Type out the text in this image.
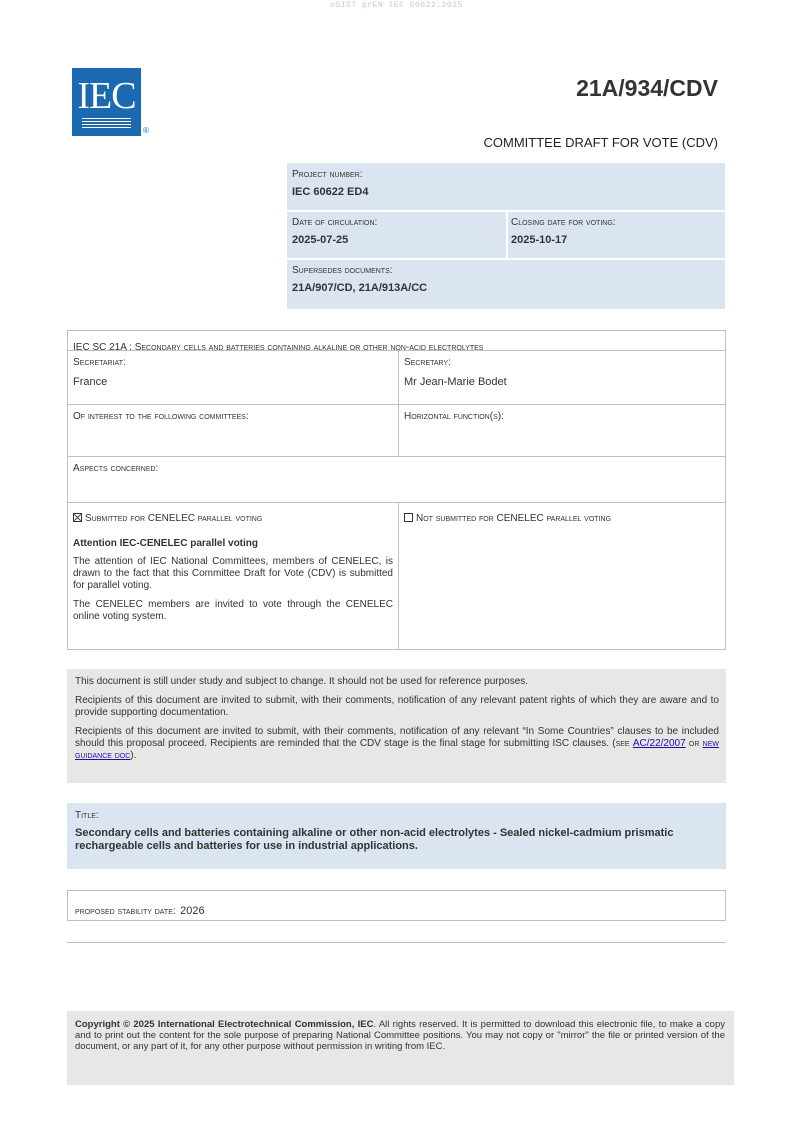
oSIST prEN IEC 60622:2025
IEC
®
21A/934/CDV
COMMITTEE DRAFT FOR VOTE (CDV)
Project number:
IEC 60622 ED4
Date of circulation:
2025-07-25
Closing date for voting:
2025-10-17
Supersedes documents:
21A/907/CD, 21A/913A/CC
IEC SC 21A : Secondary cells and batteries containing alkaline or other non-acid electrolytes
Secretariat:
France
Secretary:
Mr Jean-Marie Bodet
Of interest to the following committees:	Horizontal function(s):
Aspects concerned:
Submitted for CENELEC parallel voting
Attention IEC-CENELEC parallel voting

The attention of IEC National Committees, members of CENELEC, is drawn to the fact that this Committee Draft for Vote (CDV) is submitted for parallel voting.

The CENELEC members are invited to vote through the CENELEC online voting system.

Not submitted for CENELEC parallel voting

This document is still under study and subject to change. It should not be used for reference purposes.

Recipients of this document are invited to submit, with their comments, notification of any relevant patent rights of which they are aware and to provide supporting documentation.

Recipients of this document are invited to submit, with their comments, notification of any relevant “In Some Countries” clauses to be included should this proposal proceed. Recipients are reminded that the CDV stage is the final stage for submitting ISC clauses. (see AC/22/2007 or new guidance doc).

Title:
Secondary cells and batteries containing alkaline or other non-acid electrolytes - Sealed nickel-cadmium prismatic rechargeable cells and batteries for use in industrial applications.
proposed stability date: 2026

Copyright © 2025 International Electrotechnical Commission, IEC. All rights reserved. It is permitted to download this electronic file, to make a copy and to print out the content for the sole purpose of preparing National Committee positions. You may not copy or "mirror" the file or printed version of the document, or any part of it, for any other purpose without permission in writing from IEC.
